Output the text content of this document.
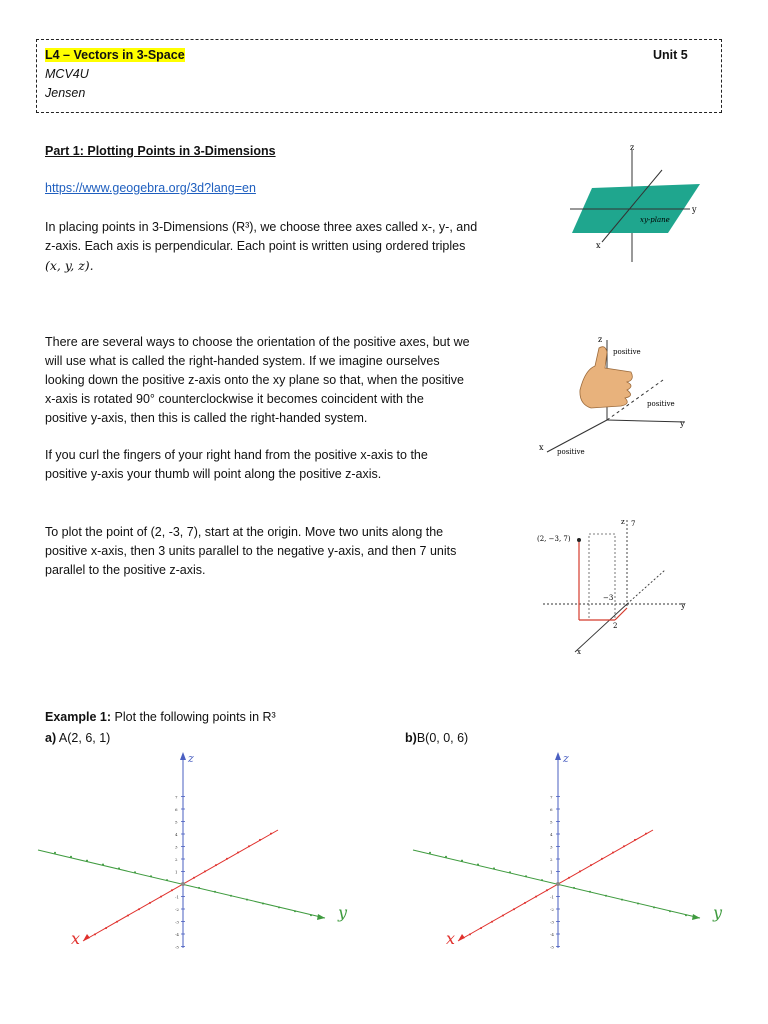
L4 – Vectors in 3-Space
MCV4U
Jensen
Unit 5
Part 1: Plotting Points in 3-Dimensions
https://www.geogebra.org/3d?lang=en
In placing points in 3-Dimensions (R³), we choose three axes called x-, y-, and
z-axis. Each axis is perpendicular. Each point is written using ordered triples
(x, y, z).
There are several ways to choose the orientation of the positive axes, but we
will use what is called the right-handed system. If we imagine ourselves
looking down the positive z-axis onto the xy plane so that, when the positive
x-axis is rotated 90° counterclockwise it becomes coincident with the
positive y-axis, then this is called the right-handed system.
If you curl the fingers of your right hand from the positive x-axis to the
positive y-axis your thumb will point along the positive z-axis.
To plot the point of (2, -3, 7), start at the origin. Move two units along the
positive x-axis, then 3 units parallel to the negative y-axis, and then 7 units
parallel to the positive z-axis.
z
y
x
xy-plane
z
positive
y
positive
x positive
(2, −3, 7)
z 7
y
x
2
−3
Example 1: Plot the following points in R³
a) A(2, 6, 1)	b)B(0, 0, 6)
-5
-4
-3
-2
-1
1
2
3
4
5
6
7
x
y
z
-5
-4
-3
-2
-1
1
2
3
4
5
6
7
x
y
z
